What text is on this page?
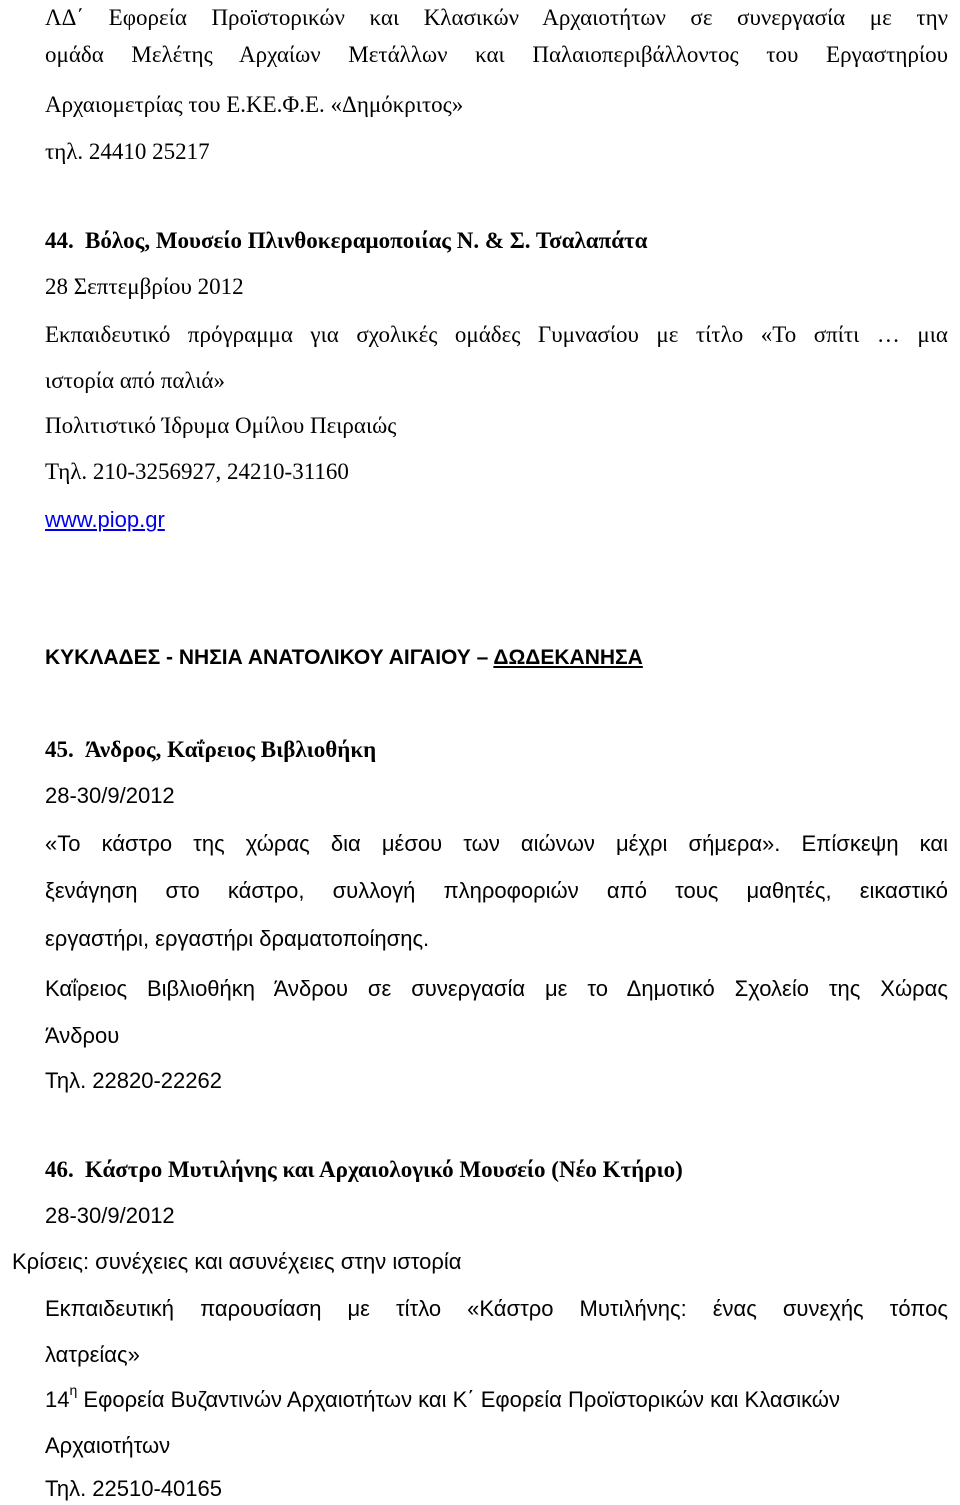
ΛΔ΄ Εφορεία Προϊστορικών και Κλασικών Αρχαιοτήτων σε συνεργασία με την
ομάδα Μελέτης Αρχαίων Μετάλλων και Παλαιοπεριβάλλοντος του Εργαστηρίου
Αρχαιομετρίας του Ε.ΚΕ.Φ.Ε. «Δημόκριτος»
τηλ. 24410 25217
44. Βόλος, Μουσείο Πλινθοκεραμοποιίας Ν. & Σ. Τσαλαπάτα
28 Σεπτεμβρίου 2012
Εκπαιδευτικό πρόγραμμα για σχολικές ομάδες Γυμνασίου με τίτλο «Το σπίτι … μια
ιστορία από παλιά»
Πολιτιστικό Ίδρυμα Ομίλου Πειραιώς
Τηλ. 210-3256927, 24210-31160
www.piop.gr
ΚΥΚΛΑΔΕΣ - ΝΗΣΙΑ ΑΝΑΤΟΛΙΚΟΥ ΑΙΓΑΙΟΥ – ΔΩΔΕΚΑΝΗΣΑ
45. Άνδρος, Καΐρειος Βιβλιοθήκη
28-30/9/2012
«Το κάστρο της χώρας δια μέσου των αιώνων μέχρι σήμερα». Επίσκεψη και
ξενάγηση στο κάστρο, συλλογή πληροφοριών από τους μαθητές, εικαστικό
εργαστήρι, εργαστήρι δραματοποίησης.
Καΐρειος Βιβλιοθήκη Άνδρου σε συνεργασία με το Δημοτικό Σχολείο της Χώρας
Άνδρου
Τηλ. 22820-22262
46. Κάστρο Μυτιλήνης και Αρχαιολογικό Μουσείο (Νέο Κτήριο)
28-30/9/2012
Κρίσεις: συνέχειες και ασυνέχειες στην ιστορία
Εκπαιδευτική παρουσίαση με τίτλο «Κάστρο Μυτιλήνης: ένας συνεχής τόπος
λατρείας»
$14^\eta$ Εφορεία Βυζαντινών Αρχαιοτήτων και Κ΄ Εφορεία Προϊστορικών και Κλασικών
Αρχαιοτήτων
Τηλ. 22510-40165
